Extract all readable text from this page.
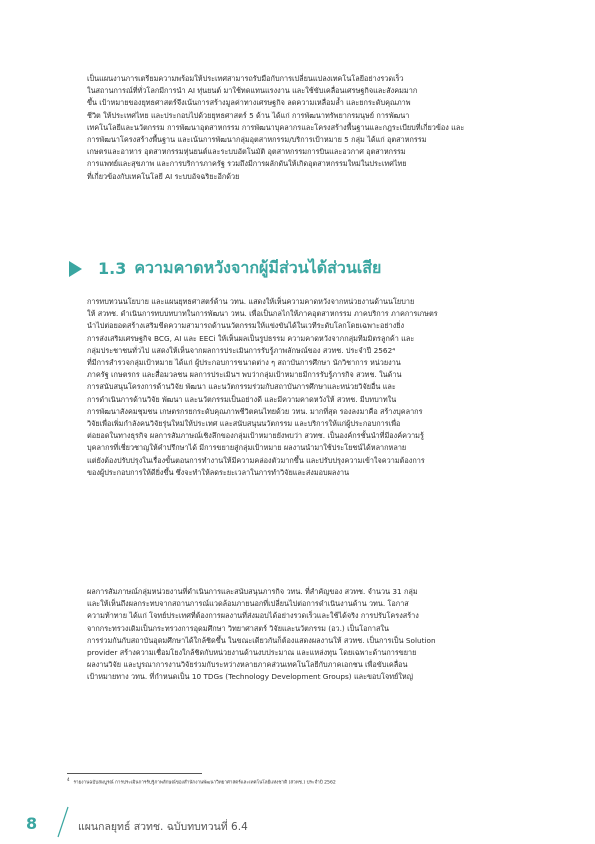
เป็นแผนงานการเตรียมความพร้อมให้ประเทศสามารถรับมือกับการเปลี่ยนแปลงเทคโนโลยีอย่างรวดเร็ว
ในสถานการณ์ที่ทั่วโลกมีการนำ AI ทุ่นยนต์ มาใช้ทดแทนแรงงาน และใช้ขับเคลื่อนเศรษฐกิจและสังคมมาก
ขึ้น เป้าหมายของยุทธศาสตร์จึงเน้นการสร้างมูลค่าทางเศรษฐกิจ ลดความเหลื่อมล้ำ และยกระดับคุณภาพ
ชีวิต ให้ประเทศไทย และประกอบไปด้วยยุทธศาสตร์ 5 ด้าน ได้แก่ การพัฒนาทรัพยากรมนุษย์ การพัฒนา
เทคโนโลยีและนวัตกรรม การพัฒนาอุตสาหกรรม การพัฒนาบุคลากรและโครงสร้างพื้นฐานและกฎระเบียบที่เกี่ยวข้อง และ
การพัฒนาโครงสร้างพื้นฐาน และเน้นการพัฒนากลุ่มอุตสาหกรรม/บริการเป้าหมาย 5 กลุ่ม ได้แก่ อุตสาหกรรม
เกษตรและอาหาร อุตสาหกรรมหุ่นยนต์และระบบอัตโนมัติ อุตสาหกรรมการบินและอวกาศ อุตสาหกรรม
การแพทย์และสุขภาพ และการบริการภาครัฐ รวมถึงมีการผลักดันให้เกิดอุตสาหกรรมใหม่ในประเทศไทย
ที่เกี่ยวข้องกับเทคโนโลยี AI ระบบอัจฉริยะอีกด้วย
1.3 ความคาดหวังจากผู้มีส่วนได้ส่วนเสีย
การทบทวนนโยบาย และแผนยุทธศาสตร์ด้าน วทน. แสดงให้เห็นความคาดหวังจากหน่วยงานด้านนโยบาย
ให้ สวทช. ดำเนินการทบบทบาทในการพัฒนา วทน. เพื่อเป็นกลไกให้ภาคอุตสาหกรรม ภาคบริการ ภาคการเกษตร
นำไปต่อยอดสร้างเสริมขีดความสามารถด้านนวัตกรรมให้แข่งขันได้ในเวทีระดับโลกโดยเฉพาะอย่างยิ่ง
การส่งเสริมเศรษฐกิจ BCG, AI และ EECi ให้เห็นผลเป็นรูปธรรม ความคาดหวังจากกลุ่มทีมมิตรลูกค้า และ
กลุ่มประชาชนทั่วไป แสดงให้เห็นจากผลการประเมินการรับรู้ภาพลักษณ์ของ สวทช. ประจำปี 2562⁴
ที่มีการสำรวจกลุ่มเป้าหมาย ได้แก่ ผู้ประกอบการขนาดต่าง ๆ สถาบันการศึกษา นักวิชาการ หน่วยงาน
ภาครัฐ เกษตรกร และสื่อมวลชน ผลการประเมินฯ พบว่ากลุ่มเป้าหมายมีการรับรู้ภารกิจ สวทช. ในด้าน
การสนับสนุนโครงการด้านวิจัย พัฒนา และนวัตกรรมร่วมกับสถาบันการศึกษาและหน่วยวิจัยอื่น และ
การดำเนินการด้านวิจัย พัฒนา และนวัตกรรมเป็นอย่างดี และมีความคาดหวังให้ สวทช. มีบทบาทใน
การพัฒนาสังคมชุมชน เกษตรกรยกระดับคุณภาพชีวิตคนไทยด้วย วทน. มากที่สุด รองลงมาคือ สร้างบุคลากร
วิจัยเพื่อเพิ่มกำลังคนวิจัยรุ่นใหม่ให้ประเทศ และสนับสนุนนวัตกรรม และบริการให้แก่ผู้ประกอบการเพื่อ
ต่อยอดในทางธุรกิจ ผลการสัมภาษณ์เชิงลึกของกลุ่มเป้าหมายยังพบว่า สวทช. เป็นองค์กรชั้นนำที่มีองค์ความรู้
บุคลากรที่เชี่ยวชาญให้คำปรึกษาได้ มีการขยายสู่กลุ่มเป้าหมาย ผลงานนำมาใช้ประโยชน์ได้หลากหลาย
แต่ยังต้องปรับปรุงในเรื่องขั้นตอนการทำงานให้มีความคล่องตัวมากขึ้น และปรับปรุงความเข้าใจความต้องการ
ของผู้ประกอบการให้ดียิ่งขึ้น ซึ่งจะทำให้ลดระยะเวลาในการทำวิจัยและส่งมอบผลงาน
ผลการสัมภาษณ์กลุ่มหน่วยงานที่ดำเนินการและสนับสนุนภารกิจ วทน. ที่สำคัญของ สวทช. จำนวน 31 กลุ่ม
และให้เห็นถึงผลกระทบจากสถานการณ์แวดล้อมภายนอกที่เปลี่ยนไปต่อการดำเนินงานด้าน วทน. โอกาส
ความท้าทาย ได้แก่ โจทย์ประเทศที่ต้องการผลงานที่ส่งมอบได้อย่างรวดเร็วและใช้ได้จริง การปรับโครงสร้าง
จากกระทรวงเดิมเป็นกระทรวงการอุดมศึกษา วิทยาศาสตร์ วิจัยและนวัตกรรม (อว.) เป็นโอกาสใน
การร่วมกันกับสถาบันอุดมศึกษาได้ใกล้ชิดขึ้น ในขณะเดียวกันก็ต้องแสดงผลงานให้ สวทช. เป็นการเป็น Solution
provider สร้างความเชื่อมโยงใกล้ชิดกับหน่วยงานด้านงบประมาณ และแหล่งทุน โดยเฉพาะด้านการขยาย
ผลงานวิจัย และบูรณาการงานวิจัยร่วมกับระหว่างหลายภาคส่วนเทคโนโลยีกับภาคเอกชน เพื่อขับเคลื่อน
เป้าหมายทาง วทน. ที่กำหนดเป็น 10 TDGs (Technology Development Groups) และขอบโจทย์ใหญ่
$^4$รายงานฉบับสมบูรณ์ การประเมินการรับรู้ภาพลักษณ์ของสำนักงานพัฒนาวิทยาศาสตร์และเทคโนโลยีแห่งชาติ (สวทช.) ประจำปี 2562
8	แผนกลยุทธ์ สวทช. ฉบับทบทวนที่ 6.4
